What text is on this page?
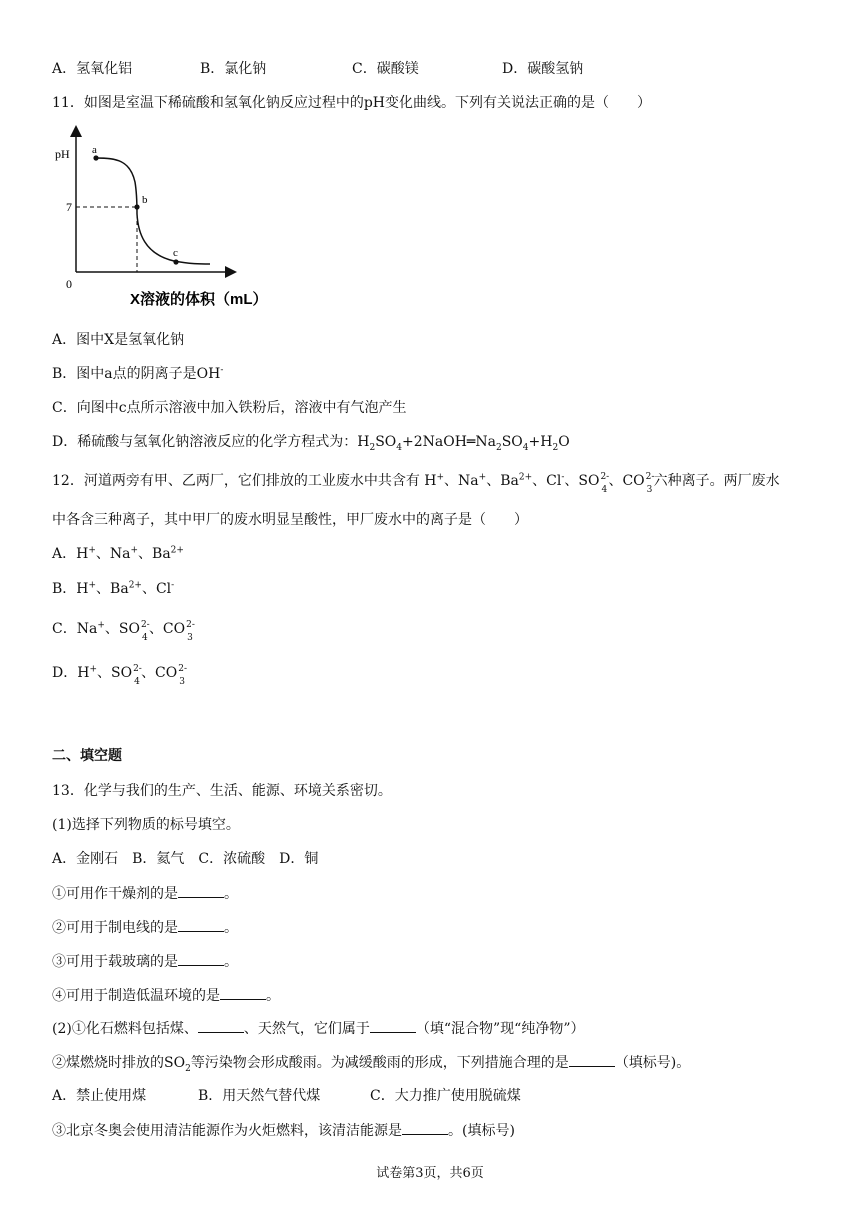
A．氢氧化铝	B．氯化钠	C．碳酸镁	D．碳酸氢钠
11．如图是室温下稀硫酸和氢氧化钠反应过程中的pH变化曲线。下列有关说法正确的是（　　）
pH
7
0
a
b
c
X溶液的体积（mL）
A．图中X是氢氧化钠
B．图中a点的阴离子是OH-
C．向图中c点所示溶液中加入铁粉后，溶液中有气泡产生
D．稀硫酸与氢氧化钠溶液反应的化学方程式为：$H_2SO_4+2NaOH═Na_2SO_4+H_2O$
12．河道两旁有甲、乙两厂，它们排放的工业废水中共含有 H+、Na+、$Ba^{2+}$、Cl-、SO 2-
4
、CO 2-
3
六种离子。两厂废水
中各含三种离子，其中甲厂的废水明显呈酸性，甲厂废水中的离子是（　　）
A．H+、Na+、$Ba^{2+}$
B．H+、$Ba^{2+}$、Cl-
C．Na+、SO 2-
4
、CO 2-
3
D．H+、SO 2-
4
、CO 2-
3
二、填空题
13．化学与我们的生产、生活、能源、环境关系密切。
(1)选择下列物质的标号填空。
A．金刚石　B．氦气　C．浓硫酸　D．铜
①可用作干燥剂的是	。
②可用于制电线的是	。
③可用于载玻璃的是	。
④可用于制造低温环境的是	。
(2)①化石燃料包括煤、	、天然气，它们属于	（填“混合物”现“纯净物”）
②煤燃烧时排放的$SO_2$等污染物会形成酸雨。为减缓酸雨的形成，下列措施合理的是	（填标号)。
A．禁止使用煤	B．用天然气替代煤	C．大力推广使用脱硫煤
③北京冬奥会使用清洁能源作为火炬燃料，该清洁能源是	。(填标号)
试卷第3页，共6页
